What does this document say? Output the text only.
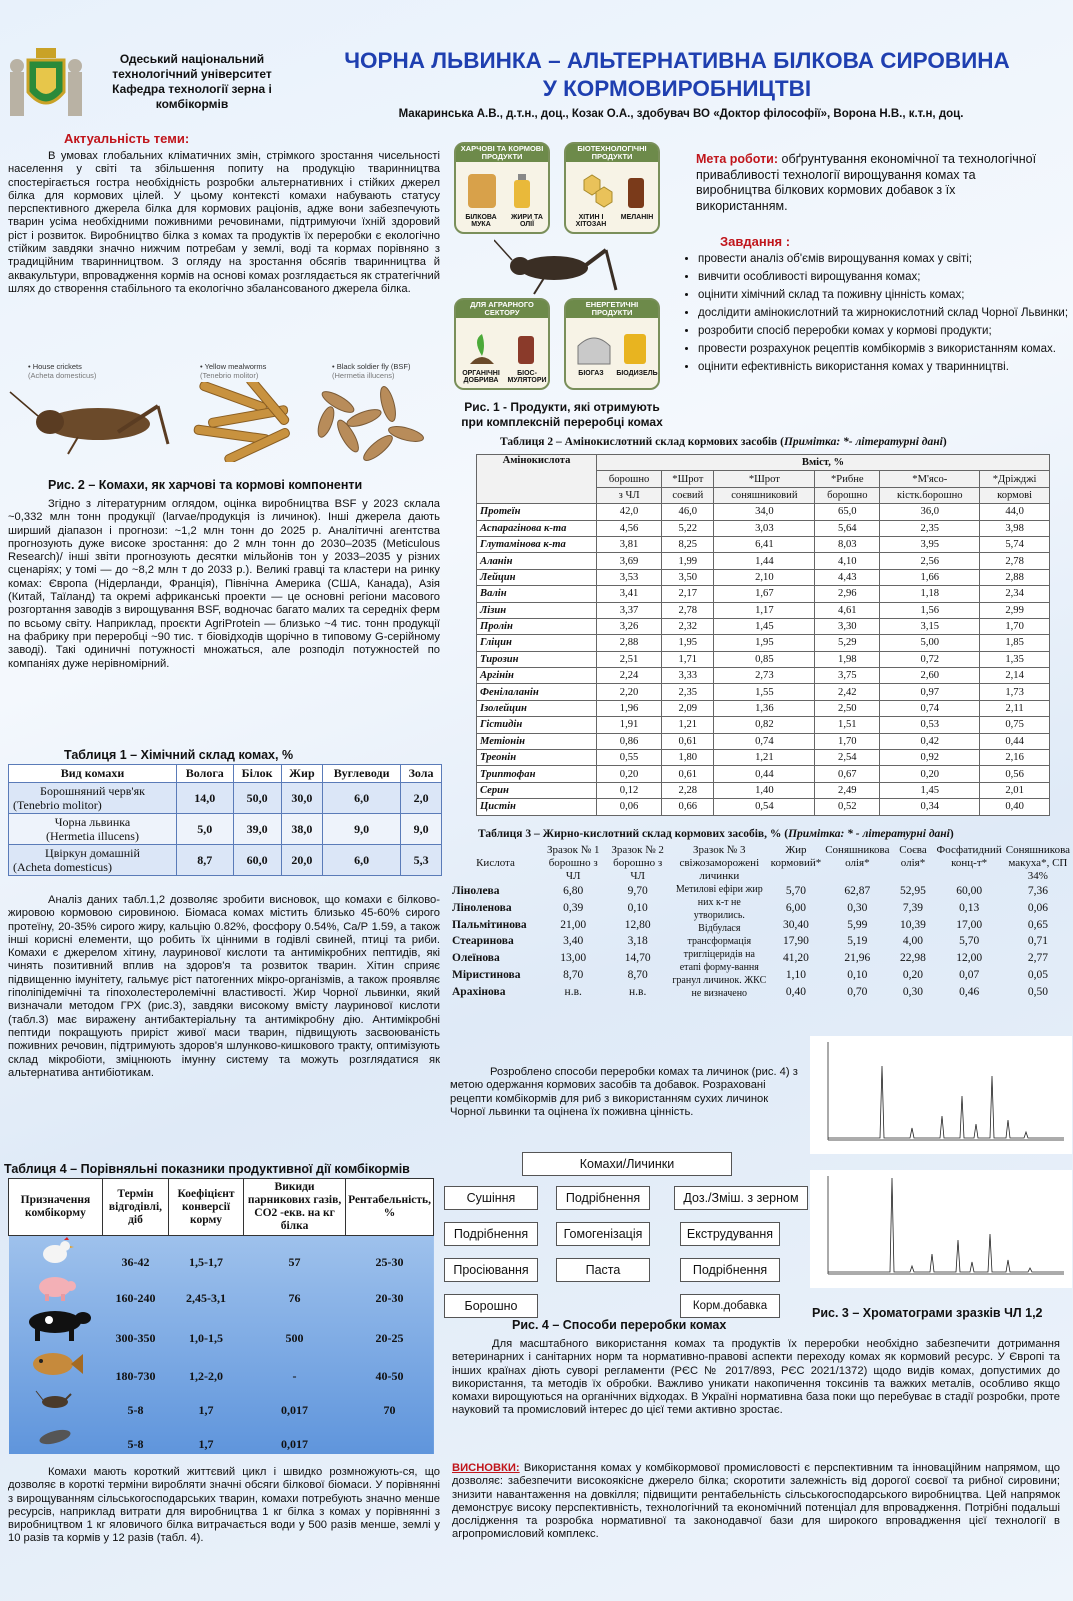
Одеський національний технологічний університет Кафедра технології зерна і комбікормів
ЧОРНА ЛЬВИНКА – АЛЬТЕРНАТИВНА БІЛКОВА СИРОВИНА
У КОРМОВИРОБНИЦТВІ
Макаринська А.В., д.т.н., доц., Козак О.А., здобувач ВО «Доктор філософії», Ворона Н.В., к.т.н, доц.
Актуальність теми:
В умовах глобальних кліматичних змін, стрімкого зростання чисельності населення у світі та збільшення попиту на продукцію тваринництва спостерігається гостра необхідність розробки альтернативних і стійких джерел білка для кормових цілей. У цьому контексті комахи набувають статусу перспективного джерела білка для кормових раціонів, адже вони забезпечують тварин усіма необхідними поживними речовинами, підтримуючи їхній здоровий ріст і розвиток. Виробництво білка з комах та продуктів їх переробки є екологічно стійким завдяки значно нижчим потребам у землі, воді та кормах порівняно з традиційним тваринництвом. З огляду на зростання обсягів тваринництва й аквакультури, впровадження кормів на основі комах розглядається як стратегічний шлях до створення стабільного та екологічно збалансованого джерела білка.
• House crickets
(Acheta domesticus)
• Yellow mealworms
(Tenebrio molitor)
• Black soldier fly (BSF)
(Hermetia illucens)
Рис. 2 – Комахи, як харчові та кормові компоненти
Згідно з літературним оглядом, оцінка виробництва BSF у 2023 склала ~0,332 млн тонн продукції (larvae/продукція із личинок). Інші джерела дають ширший діапазон і прогнози: ~1,2 млн тонн до 2025 р. Аналітичні агентства прогнозують дуже високе зростання: до 2 млн тонн до 2030–2035 (Meticulous Research)/ інші звіти прогнозують десятки мільйонів тон у 2033–2035 у різних сценаріях; у томі — до ~8,2 млн т до 2033 р.). Великі гравці та кластери на ринку комах: Європа (Нідерланди, Франція), Північна Америка (США, Канада), Азія (Китай, Таїланд) та окремі африканські проекти — це основні регіони масового розгортання заводів з вирощування BSF, водночас багато малих та середніх ферм по всьому світу. Наприклад, проєкти AgriProtein — близько ~4 тис. тонн продукції на фабрику при переробці ~90 тис. т біовідходів щорічно в типовому G-серійному заводі). Такі одиничні потужності множаться, але розподіл потужностей по компаніях дуже нерівномірний.
Таблиця 1 – Хімічний склад комах, %
Вид комахи	Волога	Білок	Жир	Вуглеводи	Зола

Борошняний черв'як
(Tenebrio molitor)	14,0	50,0	30,0	6,0	2,0

Чорна львинка
(Hermetia illucens)	5,0	39,0	38,0	9,0	9,0

Цвіркун домашній
(Acheta domesticus)	8,7	60,0	20,0	6,0	5,3
Аналіз даних табл.1,2 дозволяє зробити висновок, що комахи є білково-жировою кормовою сировиною. Біомаса комах містить близько 45-60% сирого протеїну, 20-35% сирого жиру, кальцію 0.82%, фосфору 0.54%, Ca/P 1.59, а також інші корисні елементи, що робить їх цінними в годівлі свиней, птиці та риби. Комахи є джерелом хітину, лауринової кислоти та антимікробних пептидів, які чинять позитивний вплив на здоров'я та розвиток тварин. Хітин сприяє підвищенню імунітету, гальмує ріст патогенних мікро-організмів, а також проявляє гіполіпідемічні та гіпохолестеролемічні властивості. Жир Чорної львинки, який визначали методом ГРХ (рис.3), завдяки високому вмісту лауринової кислоти (табл.3) має виражену антибактеріальну та антимікробну дію. Антимікробні пептиди покращують приріст живої маси тварин, підвищують засвоюваність поживних речовин, підтримують здоров'я шлунково-кишкового тракту, оптимізують склад мікробіоти, зміцнюють імунну систему та можуть розглядатися як альтернатива антибіотикам.
Таблиця 4 – Порівняльні показники продуктивної дії комбікормів
Призначення комбікорму	Термін відгодівлі, діб	Коефіцієнт конверсії корму	Викиди парникових газів, CO2 -екв. на кг білка	Рентабельність, %
	36-42	1,5-1,7	57	25-30
	160-240	2,45-3,1	76	20-30
	300-350	1,0-1,5	500	20-25
	180-730	1,2-2,0	-	40-50
	5-8	1,7	0,017	70
	5-8	1,7	0,017	
Комахи мають короткий життєвий цикл і швидко розмножують-ся, що дозволяє в короткі терміни виробляти значні обсяги білкової біомаси. У порівнянні з вирощуванням сільськогосподарських тварин, комахи потребують значно менше ресурсів, наприклад витрати для виробництва 1 кг білка з комах у порівнянні з виробництвом 1 кг яловичого білка витрачається води у 500 разів менше, землі у 10 разів та кормів у 12 разів (табл. 4).
ХАРЧОВІ ТА КОРМОВІ ПРОДУКТИ
БІЛКОВА МУКА
ЖИРИ ТА ОЛІЇ
БІОТЕХНОЛОГІЧНІ ПРОДУКТИ
ХІТИН І ХІТОЗАН
МЕЛАНІН
ДЛЯ АГРАРНОГО СЕКТОРУ
ОРГАНІЧНІ ДОБРИВА
БІОС-МУЛЯТОРИ
ЕНЕРГЕТИЧНІ ПРОДУКТИ
БІОГАЗ	БІОДИЗЕЛЬ
Рис. 1 - Продукти, які отримують
при комплексній переробці комах
Мета роботи: обґрунтування економічної та технологічної привабливості технології вирощування комах та виробництва білкових кормових добавок з їх використанням.
Завдання :
• провести аналіз об'ємів вирощування комах у світі;
• вивчити особливості вирощування комах;
• оцінити хімічний склад та поживну цінність комах;
• дослідити амінокислотний та жирнокислотний склад Чорної Львинки;
• розробити спосіб переробки комах у кормові продукти;
• провести розрахунок рецептів комбікормів з використанням комах.
• оцінити ефективність використання комах у тваринництві.
Таблиця 2 – Амінокислотний склад кормових засобів (Примітка: *- літературні дані)
Амінокислота	Вміст, %					
	борошно	*Шрот	*Шрот	*Рибне	*М'ясо-	*Дріжджі
	з ЧЛ	соєвий	соняшниковий	борошно	кістк.борошно	кормові
Протеїн	42,0	46,0	34,0	65,0	36,0	44,0
Аспарагінова к-та	4,56	5,22	3,03	5,64	2,35	3,98
Глутамінова к-та	3,81	8,25	6,41	8,03	3,95	5,74
Аланін	3,69	1,99	1,44	4,10	2,56	2,78
Лейцин	3,53	3,50	2,10	4,43	1,66	2,88
Валін	3,41	2,17	1,67	2,96	1,18	2,34
Лізин	3,37	2,78	1,17	4,61	1,56	2,99
Пролін	3,26	2,32	1,45	3,30	3,15	1,70
Гліцин	2,88	1,95	1,95	5,29	5,00	1,85
Тирозин	2,51	1,71	0,85	1,98	0,72	1,35
Аргінін	2,24	3,33	2,73	3,75	2,60	2,14
Фенілаланін	2,20	2,35	1,55	2,42	0,97	1,73
Ізолейцин	1,96	2,09	1,36	2,50	0,74	2,11
Гістидін	1,91	1,21	0,82	1,51	0,53	0,75
Метіонін	0,86	0,61	0,74	1,70	0,42	0,44
Треонін	0,55	1,80	1,21	2,54	0,92	2,16
Триптофан	0,20	0,61	0,44	0,67	0,20	0,56
Серин	0,12	2,28	1,40	2,49	1,45	2,01
Цистін	0,06	0,66	0,54	0,52	0,34	0,40
Таблиця 3 – Жирно-кислотний склад кормових засобів, % (Примітка: * - літературні дані)
Кислота	Зразок № 1 борошно з ЧЛ	Зразок № 2 борошно з ЧЛ	Зразок № 3 свіжозаморожені личинки	Жир кормовий*	Соняшникова олія*	Соєва олія*	Фосфатидний конц-т*	Соняшникова макуха*, СП 34%
Лінолева	6,80	9,70	Метилові ефіри жир них к-т не утворились. Відбулася трансформація тригліцеридів на етапі форму-вання гранул личинок. ЖКС не визначено	5,70	62,87	52,95	60,00	7,36
Ліноленова	0,39	0,10		6,00	0,30	7,39	0,13	0,06
Пальмітинова	21,00	12,80		30,40	5,99	10,39	17,00	0,65
Стеаринова	3,40	3,18		17,90	5,19	4,00	5,70	0,71
Олеїнова	13,00	14,70		41,20	21,96	22,98	12,00	2,77
Міристинова	8,70	8,70		1,10	0,10	0,20	0,07	0,05
Арахінова	н.в.	н.в.		0,40	0,70	0,30	0,46	0,50
Розроблено способи переробки комах та личинок (рис. 4) з метою одержання кормових засобів та добавок. Розраховані рецепти комбікормів для риб з використанням сухих личинок Чорної львинки та оцінена їх поживна цінність.
Рис. 3 – Хроматограми зразків ЧЛ 1,2
Комахи/Личинки
Сушіння
Подрібнення
Просіювання
Борошно
Подрібнення
Гомогенізація
Паста
Доз./Зміш. з зерном
Екструдування
Подрібнення
Корм.добавка
Рис. 4 – Способи переробки комах
Для масштабного використання комах та продуктів їх переробки необхідно забезпечити дотримання ветеринарних і санітарних норм та нормативно-правові аспекти переходу комах як кормовий ресурс. У Європі та інших країнах діють суворі регламенти (РЄС № 2017/893, РЄС 2021/1372) щодо видів комах, допустимих до використання, та методів їх обробки. Важливо уникати накопичення токсинів та важких металів, особливо якщо комахи вирощуються на органічних відходах. В Україні нормативна база поки що перебуває в стадії розробки, проте науковий та промисловий інтерес до цієї теми активно зростає.
ВИСНОВКИ: Використання комах у комбікормової промисловості є перспективним та інноваційним напрямом, що дозволяє: забезпечити високоякісне джерело білка; скоротити залежність від дорогої соєвої та рибної сировини; знизити навантаження на довкілля; підвищити рентабельність сільськогосподарського виробництва. Цей напрямок демонструє високу перспективність, технологічний та економічний потенціал для впровадження. Потрібні подальші дослідження та розробка нормативної та законодавчої бази для широкого впровадження цієї технології в агропромисловий комплекс.
